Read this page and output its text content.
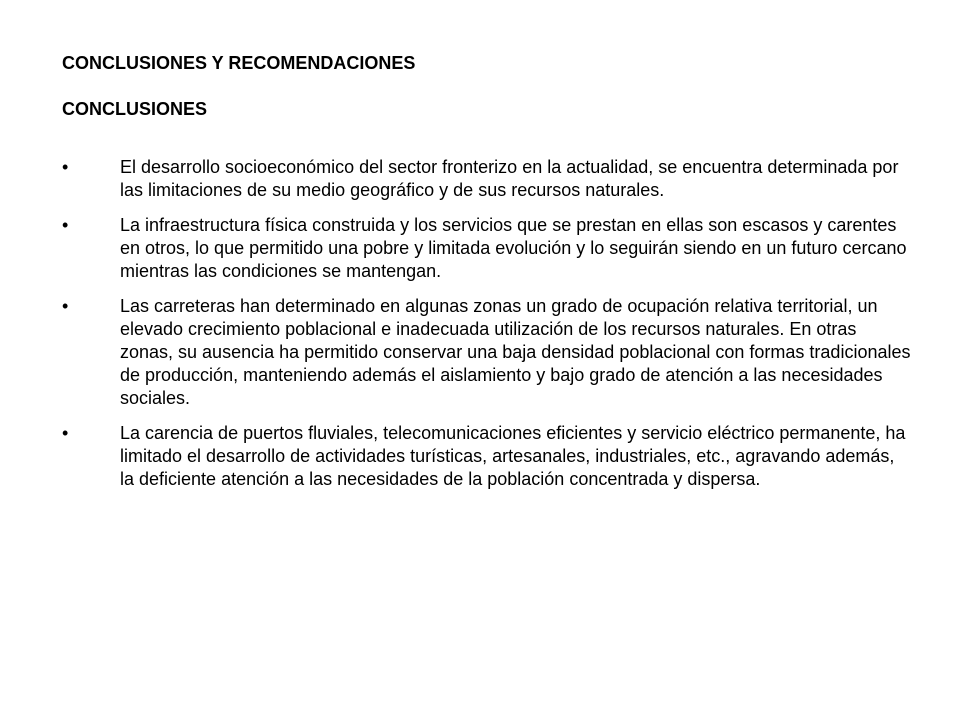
CONCLUSIONES Y RECOMENDACIONES
CONCLUSIONES
•	El desarrollo socioeconómico del sector fronterizo en la actualidad, se encuentra determinada por las limitaciones de su medio geográfico y de sus recursos naturales.
•	La infraestructura física construida y los servicios que se prestan en ellas son escasos y carentes en otros, lo que permitido una pobre y limitada evolución y lo seguirán siendo en un futuro cercano mientras las condiciones se mantengan.
•	Las carreteras han determinado en algunas zonas un grado de ocupación relativa territorial, un elevado crecimiento poblacional e inadecuada utilización de los recursos naturales. En otras zonas, su ausencia ha permitido conservar una baja densidad poblacional con formas tradicionales de producción, manteniendo además el aislamiento y bajo grado de atención a las necesidades sociales.
•	La carencia de puertos fluviales, telecomunicaciones eficientes y servicio eléctrico permanente, ha limitado el desarrollo de actividades turísticas, artesanales, industriales, etc., agravando además, la deficiente atención a las necesidades de la población concentrada y dispersa.
